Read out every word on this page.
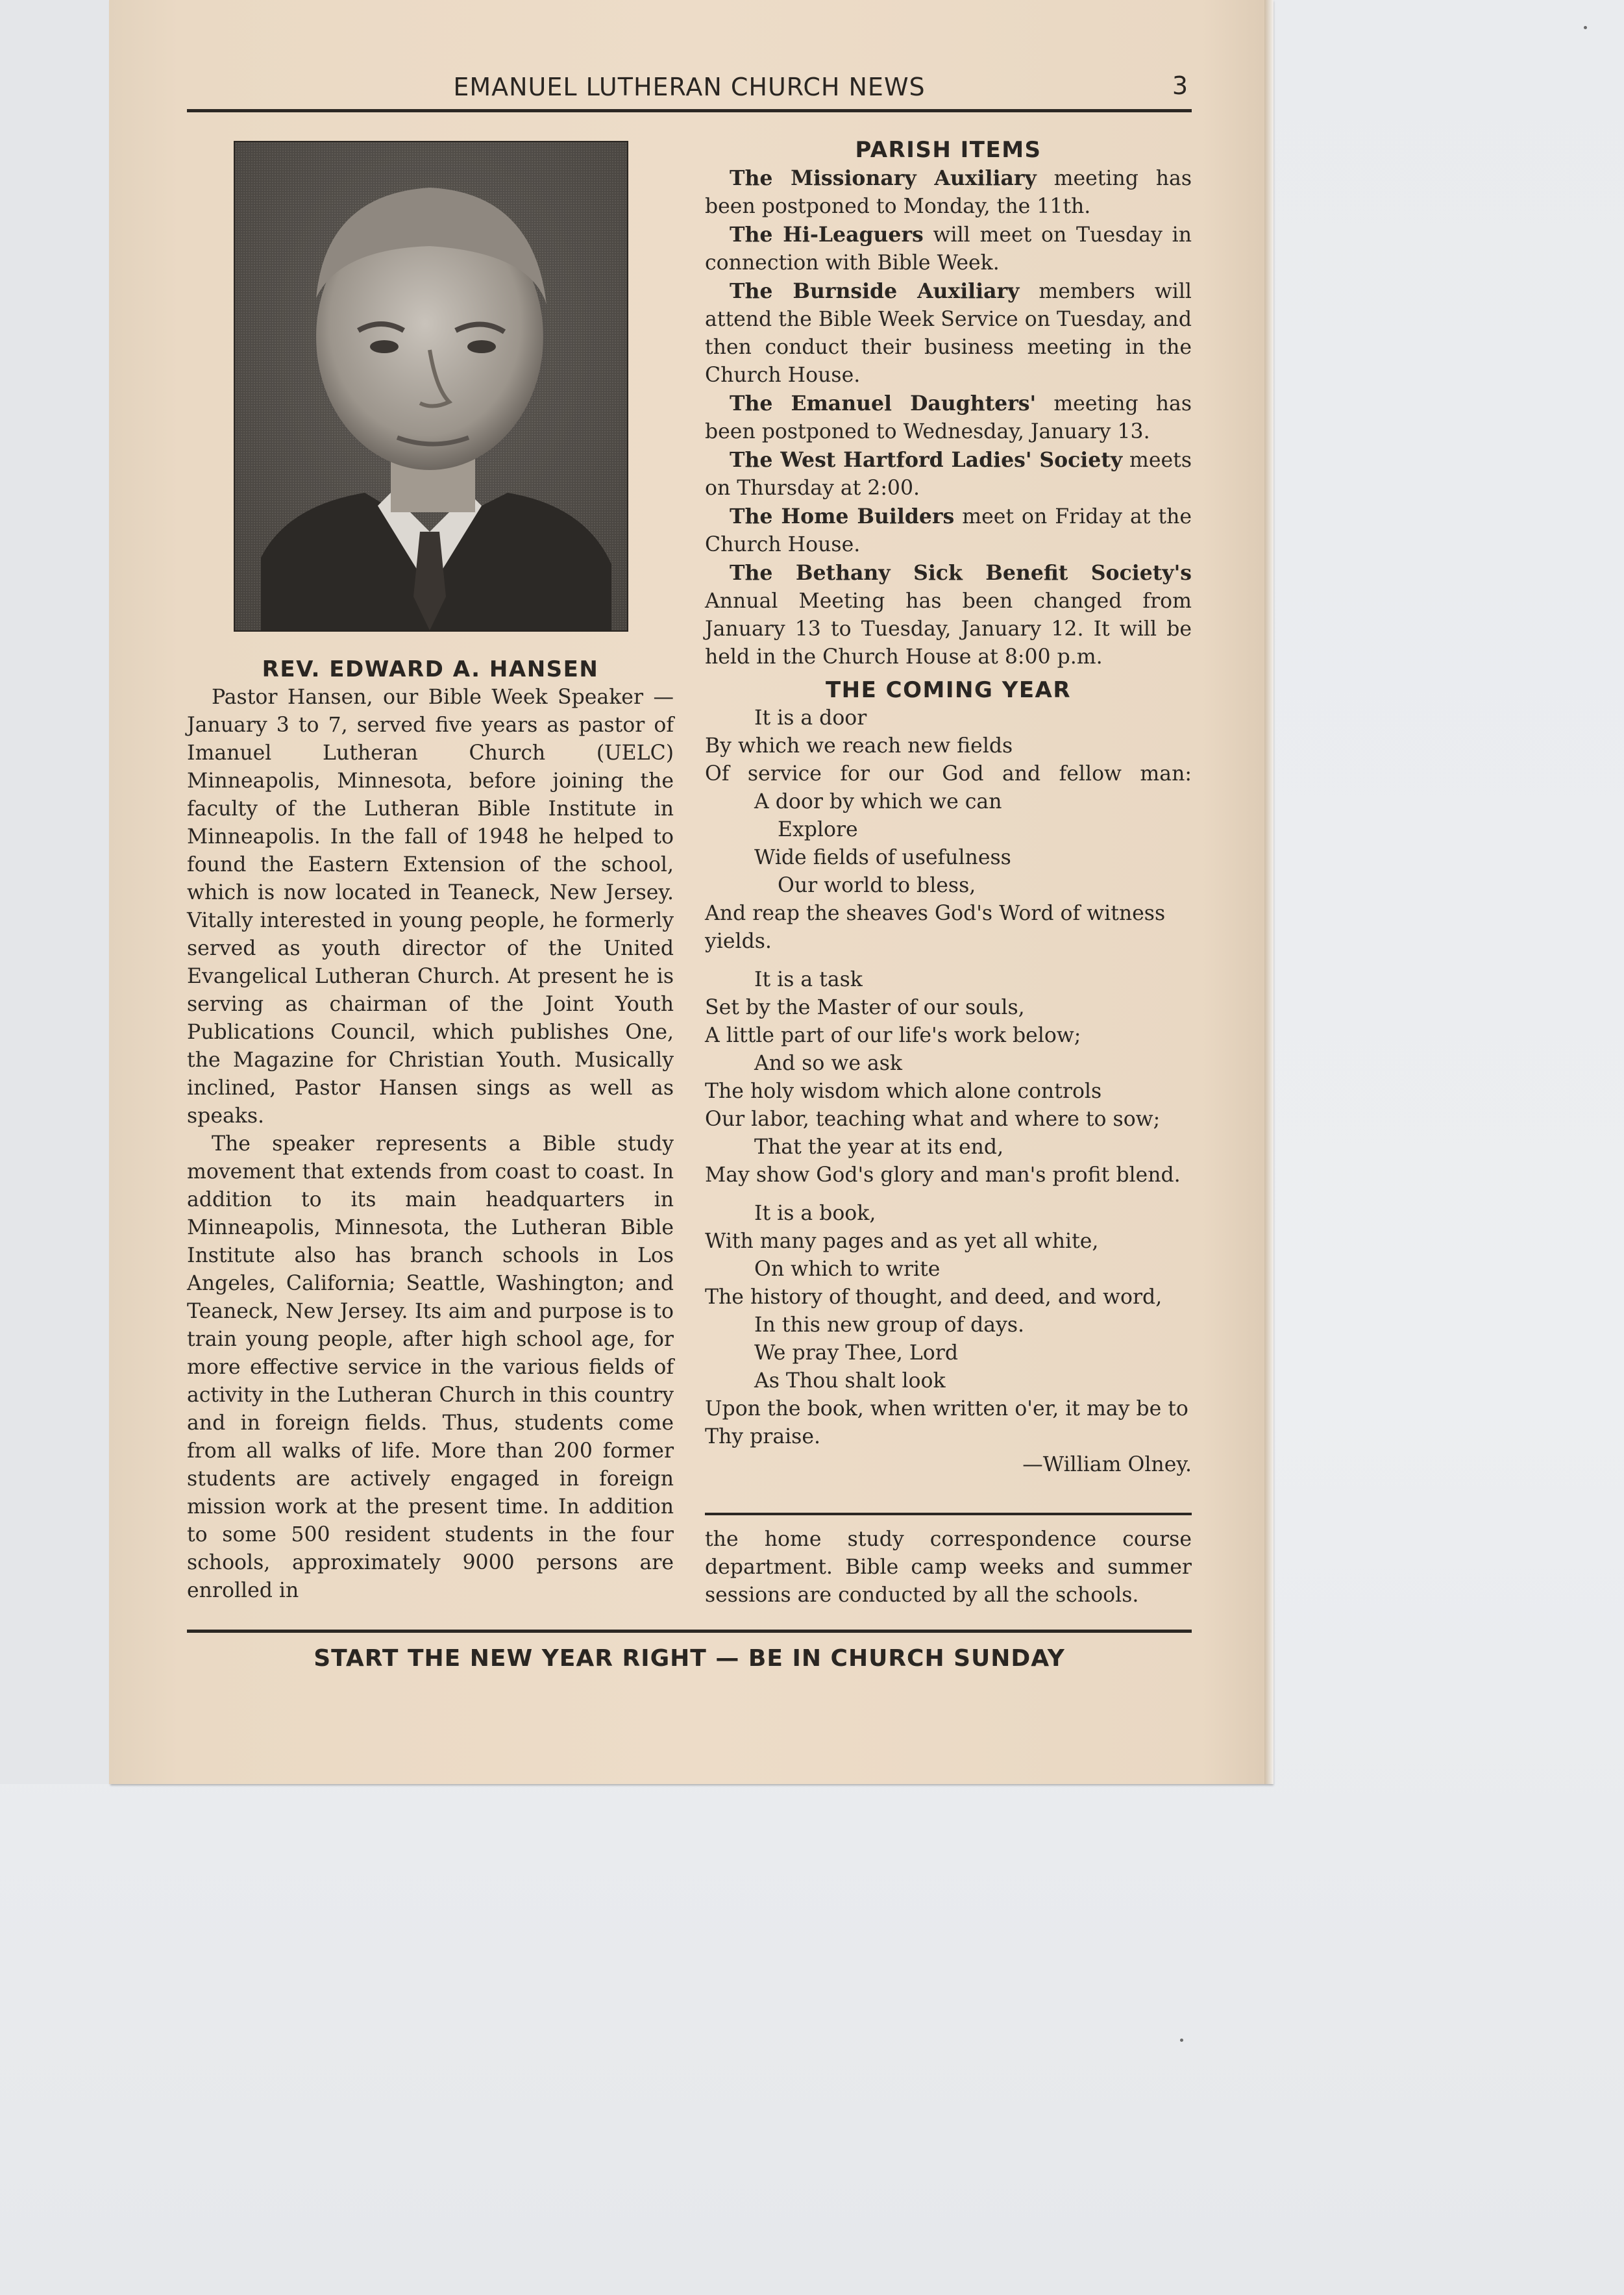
EMANUEL LUTHERAN CHURCH NEWS	3

REV. EDWARD A. HANSEN

Pastor Hansen, our Bible Week Speaker —January 3 to 7, served five years as pastor of Imanuel Lutheran Church (UELC) Minneapolis, Minnesota, before joining the faculty of the Lutheran Bible Institute in Minneapolis. In the fall of 1948 he helped to found the Eastern Extension of the school, which is now located in Teaneck, New Jersey. Vitally interested in young people, he formerly served as youth director of the United Evangelical Lutheran Church. At present he is serving as chairman of the Joint Youth Publications Council, which publishes One, the Magazine for Christian Youth. Musically inclined, Pastor Hansen sings as well as speaks.

The speaker represents a Bible study movement that extends from coast to coast. In addition to its main headquarters in Minneapolis, Minnesota, the Lutheran Bible Institute also has branch schools in Los Angeles, California; Seattle, Washington; and Teaneck, New Jersey. Its aim and purpose is to train young people, after high school age, for more effective service in the various fields of activity in the Lutheran Church in this country and in foreign fields. Thus, students come from all walks of life. More than 200 former students are actively engaged in foreign mission work at the present time. In addition to some 500 resident students in the four schools, approximately 9000 persons are enrolled in

PARISH ITEMS

The Missionary Auxiliary meeting has been postponed to Monday, the 11th.

The Hi-Leaguers will meet on Tuesday in connection with Bible Week.

The Burnside Auxiliary members will attend the Bible Week Service on Tuesday, and then conduct their business meeting in the Church House.

The Emanuel Daughters' meeting has been postponed to Wednesday, January 13.

The West Hartford Ladies' Society meets on Thursday at 2:00.

The Home Builders meet on Friday at the Church House.

The Bethany Sick Benefit Society's Annual Meeting has been changed from January 13 to Tuesday, January 12. It will be held in the Church House at 8:00 p.m.

THE COMING YEAR

It is a door
By which we reach new fields
Of service for our God and fellow man:
A door by which we can
Explore
Wide fields of usefulness
Our world to bless,
And reap the sheaves God's Word of witness yields.
It is a task
Set by the Master of our souls,
A little part of our life's work below;
And so we ask
The holy wisdom which alone controls
Our labor, teaching what and where to sow;
That the year at its end,
May show God's glory and man's profit blend.
It is a book,
With many pages and as yet all white,
On which to write
The history of thought, and deed, and word,
In this new group of days.
We pray Thee, Lord
As Thou shalt look
Upon the book, when written o'er, it may be to Thy praise.
—William Olney.

the home study correspondence course department. Bible camp weeks and summer sessions are conducted by all the schools.

START THE NEW YEAR RIGHT — BE IN CHURCH SUNDAY
